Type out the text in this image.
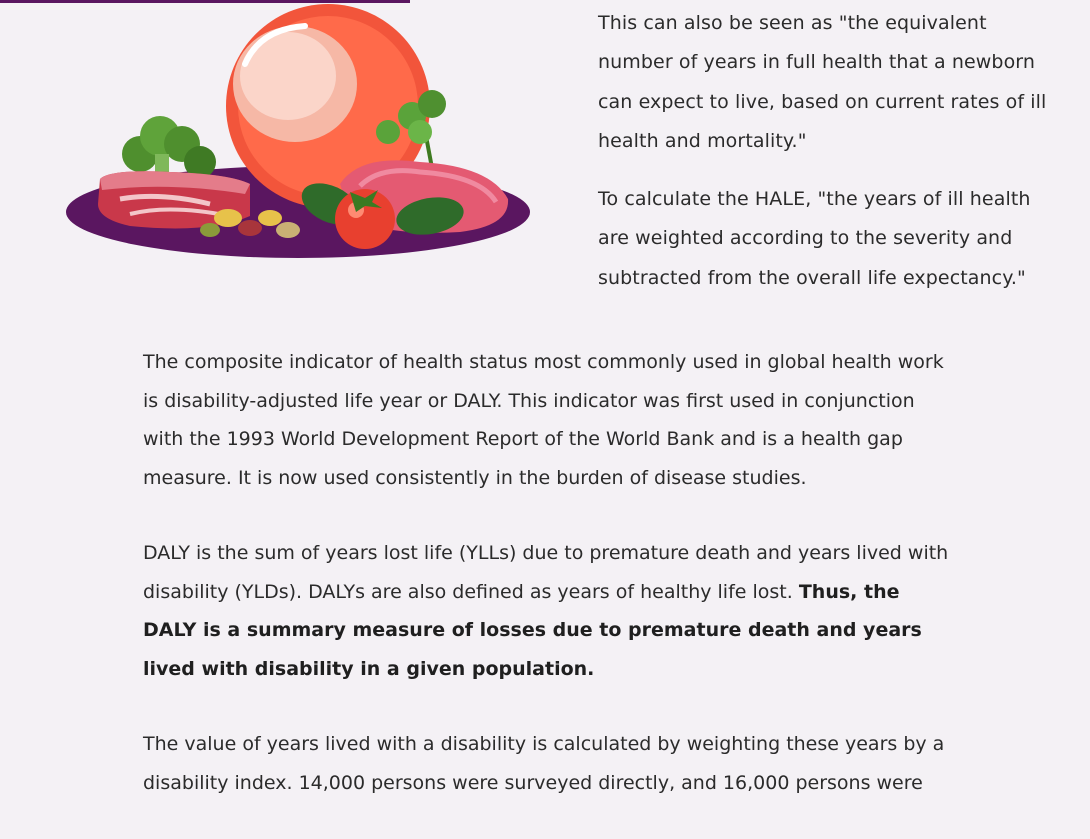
This can also be seen as "the equivalent number of years in full health that a newborn can expect to live, based on current rates of ill health and mortality."

To calculate the HALE, "the years of ill health are weighted according to the severity and subtracted from the overall life expectancy."

The composite indicator of health status most commonly used in global health work is disability-adjusted life year or DALY. This indicator was first used in conjunction with the 1993 World Development Report of the World Bank and is a health gap measure. It is now used consistently in the burden of disease studies.

DALY is the sum of years lost life (YLLs) due to premature death and years lived with disability (YLDs). DALYs are also defined as years of healthy life lost. Thus, the DALY is a summary measure of losses due to premature death and years lived with disability in a given population.

The value of years lived with a disability is calculated by weighting these years by a disability index. 14,000 persons were surveyed directly, and 16,000 persons were
